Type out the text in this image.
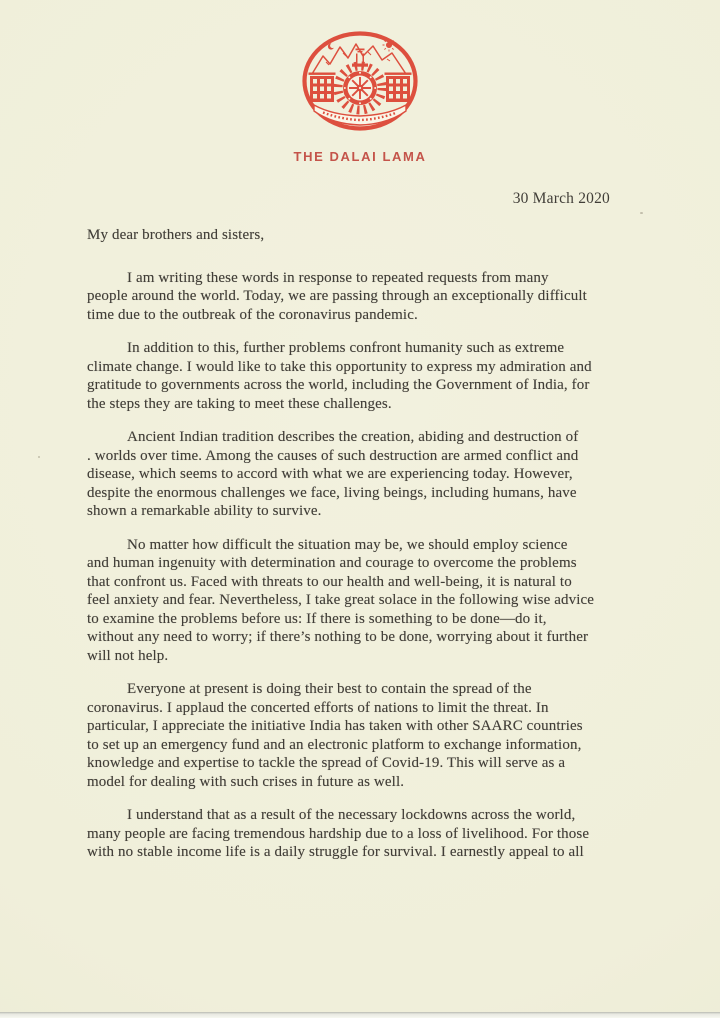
THE DALAI LAMA
30 March 2020

My dear brothers and sisters,

I am writing these words in response to repeated requests from many
people around the world. Today, we are passing through an exceptionally difficult
time due to the outbreak of the coronavirus pandemic.

In addition to this, further problems confront humanity such as extreme
climate change. I would like to take this opportunity to express my admiration and
gratitude to governments across the world, including the Government of India, for
the steps they are taking to meet these challenges.

Ancient Indian tradition describes the creation, abiding and destruction of
. worlds over time. Among the causes of such destruction are armed conflict and
disease, which seems to accord with what we are experiencing today. However,
despite the enormous challenges we face, living beings, including humans, have
shown a remarkable ability to survive.

No matter how difficult the situation may be, we should employ science
and human ingenuity with determination and courage to overcome the problems
that confront us. Faced with threats to our health and well-being, it is natural to
feel anxiety and fear. Nevertheless, I take great solace in the following wise advice
to examine the problems before us: If there is something to be done—do it,
without any need to worry; if there’s nothing to be done, worrying about it further
will not help.

Everyone at present is doing their best to contain the spread of the
coronavirus. I applaud the concerted efforts of nations to limit the threat. In
particular, I appreciate the initiative India has taken with other SAARC countries
to set up an emergency fund and an electronic platform to exchange information,
knowledge and expertise to tackle the spread of Covid-19. This will serve as a
model for dealing with such crises in future as well.

I understand that as a result of the necessary lockdowns across the world,
many people are facing tremendous hardship due to a loss of livelihood. For those
with no stable income life is a daily struggle for survival. I earnestly appeal to all
